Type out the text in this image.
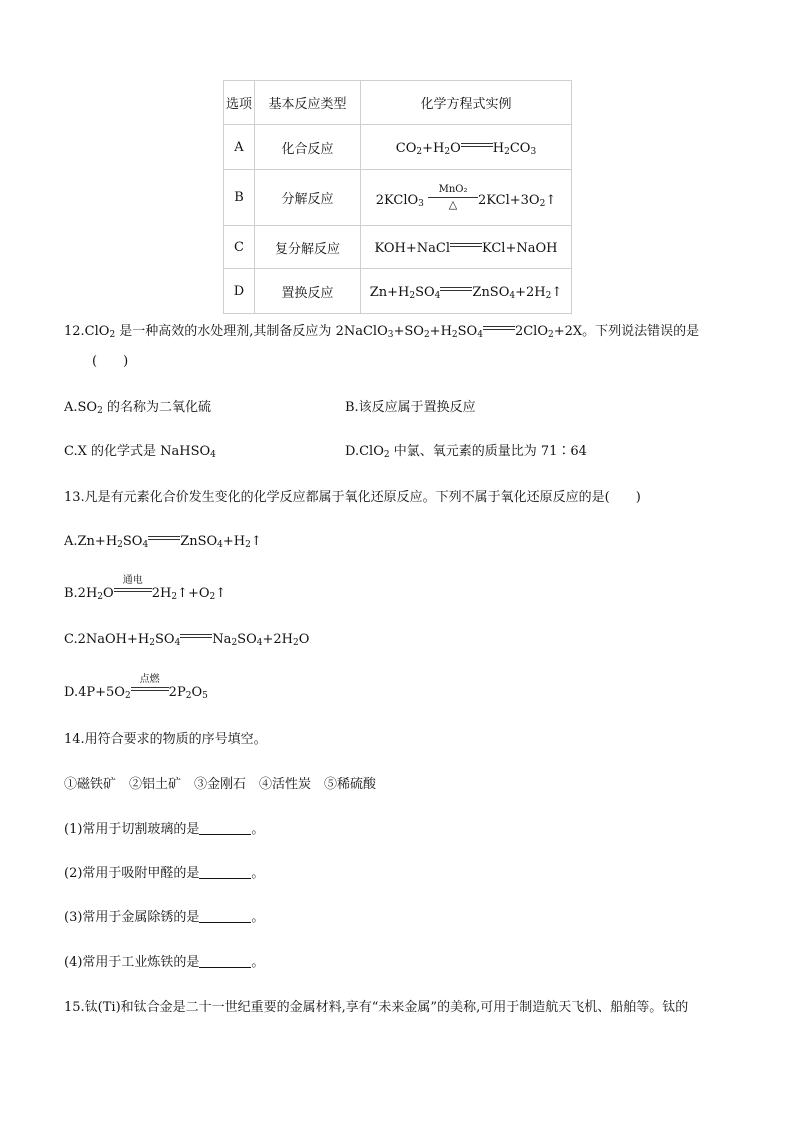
选项	基本反应类型	化学方程式实例
A	化合反应	$CO_2+H_2O$ $H_2CO_3$
B	分解反应	2KClO$_3$ $\frac{\text{MnO₂}}{\triangle}$ $2KCl+3O_2↑$
C	复分解反应	KOH+NaCl KCl+NaOH
D	置换反应	$Zn+H_2SO_4$ $ZnSO_4+2H_2↑$
12.ClO$_2$ 是一种高效的水处理剂,其制备反应为 $2NaClO_3+SO_2+H_2SO_4$ 2ClO$_2$+2X。下列说法错误的是
(　　)
$A.SO_2$ 的名称为二氧化硫	B.该反应属于置换反应
C.X 的化学式是 NaHSO$_4$	D.ClO$_2$ 中氯、氧元素的质量比为 71∶64
13.凡是有元素化合价发生变化的化学反应都属于氧化还原反应。下列不属于氧化还原反应的是(　　)
$A.Zn+H_2SO_4$ $ZnSO_4+H_2↑$
$B.2H_2O$
通电
$2H_2↑+O_2↑$
$C.2NaOH+H_2SO_4$ $Na_2SO_4+2H_2O$
$D.4P+5O_2$
点燃
$2P_2O_5$
14.用符合要求的物质的序号填空。
①磁铁矿　②铝土矿　③金刚石　④活性炭　⑤稀硫酸
(1)常用于切割玻璃的是	。
(2)常用于吸附甲醛的是	。
(3)常用于金属除锈的是	。
(4)常用于工业炼铁的是	。
15.钛(Ti)和钛合金是二十一世纪重要的金属材料,享有“未来金属”的美称,可用于制造航天飞机、船舶等。钛的
